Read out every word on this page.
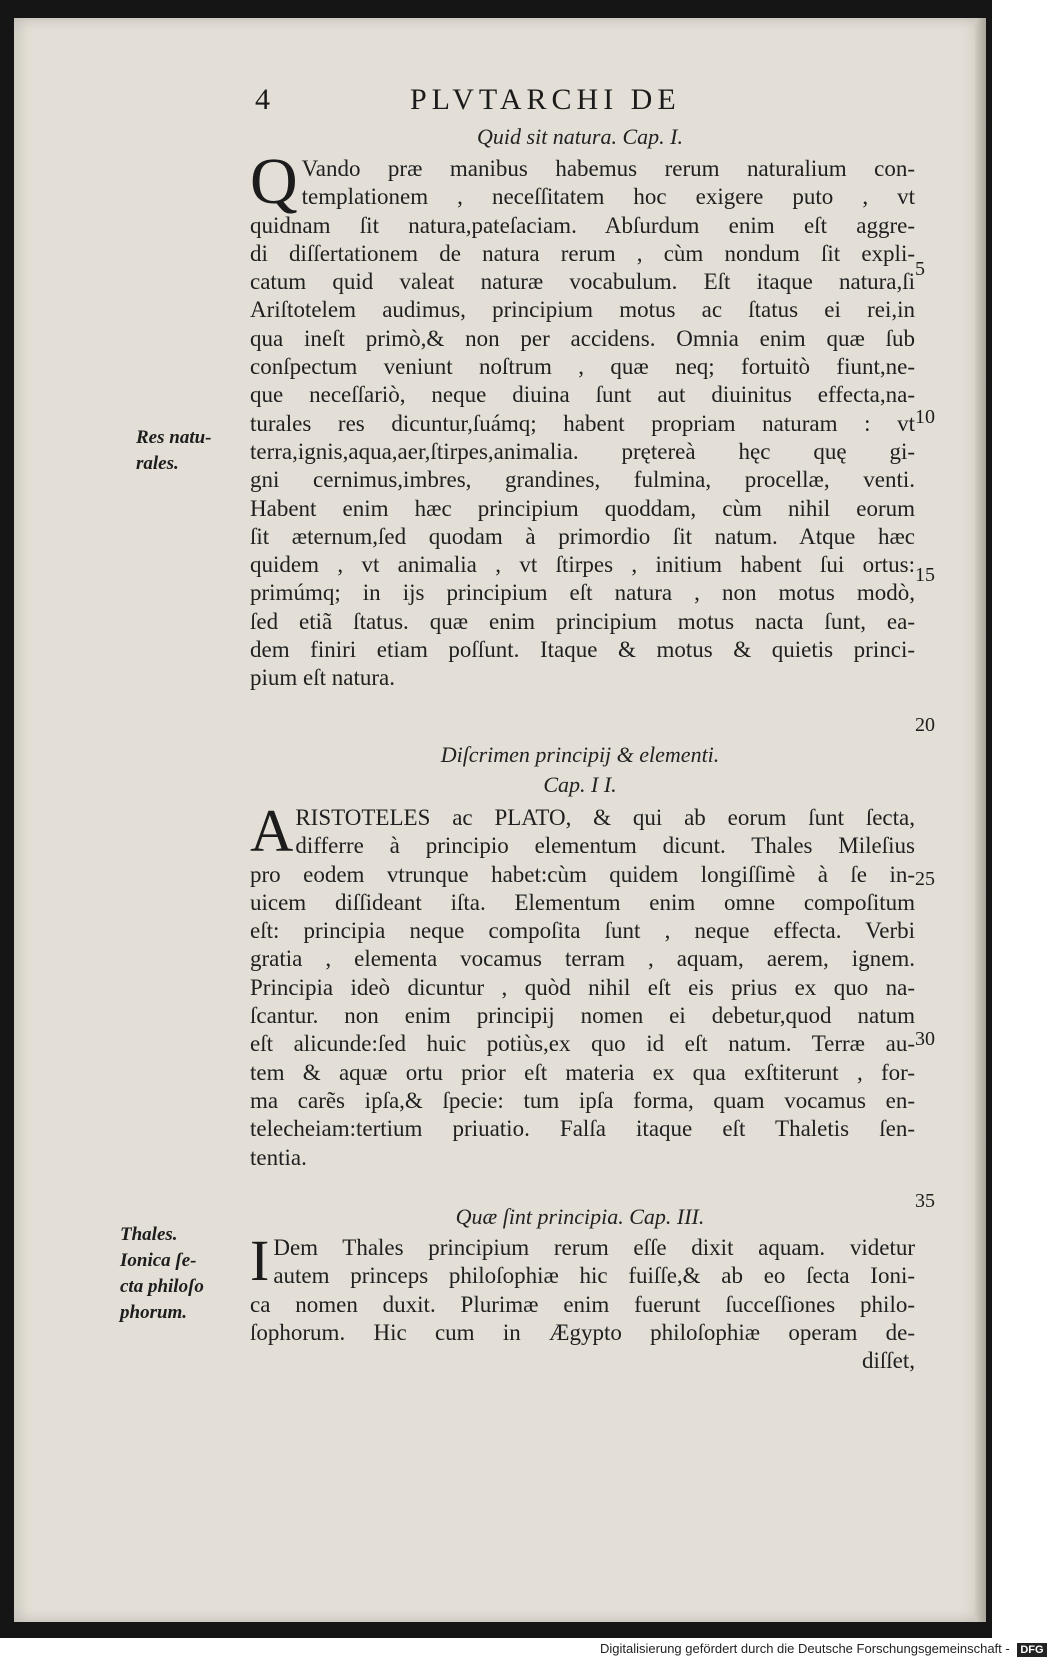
4	PLVTARCHI DE
Quid sit natura. Cap. I.
Q Vando præ manibus habemus rerum naturalium con-
templationem , neceſſitatem hoc exigere puto , vt
quidnam ſit natura,pateſaciam. Abſurdum enim eſt aggre-
di diſſertationem de natura rerum , cùm nondum ſit expli-
catum quid valeat naturæ vocabulum. Eſt itaque natura,ſi
Ariſtotelem audimus, principium motus ac ſtatus ei rei,in
qua ineſt primò,& non per accidens. Omnia enim quæ ſub
conſpectum veniunt noſtrum , quæ neq; fortuitò fiunt,ne-
que neceſſariò, neque diuina ſunt aut diuinitus effecta,na-
turales res dicuntur,ſuámq; habent propriam naturam : vt
terra,ignis,aqua,aer,ſtirpes,animalia. prętereà hęc quę gi-
gni cernimus,imbres, grandines, fulmina, procellæ, venti.
Habent enim hæc principium quoddam, cùm nihil eorum
ſit æternum,ſed quodam à primordio ſit natum. Atque hæc
quidem , vt animalia , vt ſtirpes , initium habent ſui ortus:
primúmq; in ijs principium eſt natura , non motus modò,
ſed etiã ſtatus. quæ enim principium motus nacta ſunt, ea-
dem finiri etiam poſſunt. Itaque & motus & quietis princi-
pium eſt natura.
Diſcrimen principij & elementi.
Cap. I I.
A RISTOTELES ac PLATO, & qui ab eorum ſunt ſecta,
differre à principio elementum dicunt. Thales Mileſius
pro eodem vtrunque habet:cùm quidem longiſſimè à ſe in-
uicem diſſideant iſta. Elementum enim omne compoſitum
eſt: principia neque compoſita ſunt , neque effecta. Verbi
gratia , elementa vocamus terram , aquam, aerem, ignem.
Principia ideò dicuntur , quòd nihil eſt eis prius ex quo na-
ſcantur. non enim principij nomen ei debetur,quod natum
eſt alicunde:ſed huic potiùs,ex quo id eſt natum. Terræ au-
tem & aquæ ortu prior eſt materia ex qua exſtiterunt , for-
ma carẽs ipſa,& ſpecie: tum ipſa forma, quam vocamus en-
telecheiam:tertium priuatio. Falſa itaque eſt Thaletis ſen-
tentia.
Quæ ſint principia. Cap. III.
I Dem Thales principium rerum eſſe dixit aquam. videtur
autem princeps philoſophiæ hic fuiſſe,& ab eo ſecta Ioni-
ca nomen duxit. Plurimæ enim fuerunt ſucceſſiones philo-
ſophorum. Hic cum in Ægypto philoſophiæ operam de-
diſſet,
Res natu-
rales.
Thales.
Ionica ſe-
cta philoſo
phorum.
5
10
15
20
25
30
35
Digitalisierung gefördert durch die Deutsche Forschungsgemeinschaft - DFG
